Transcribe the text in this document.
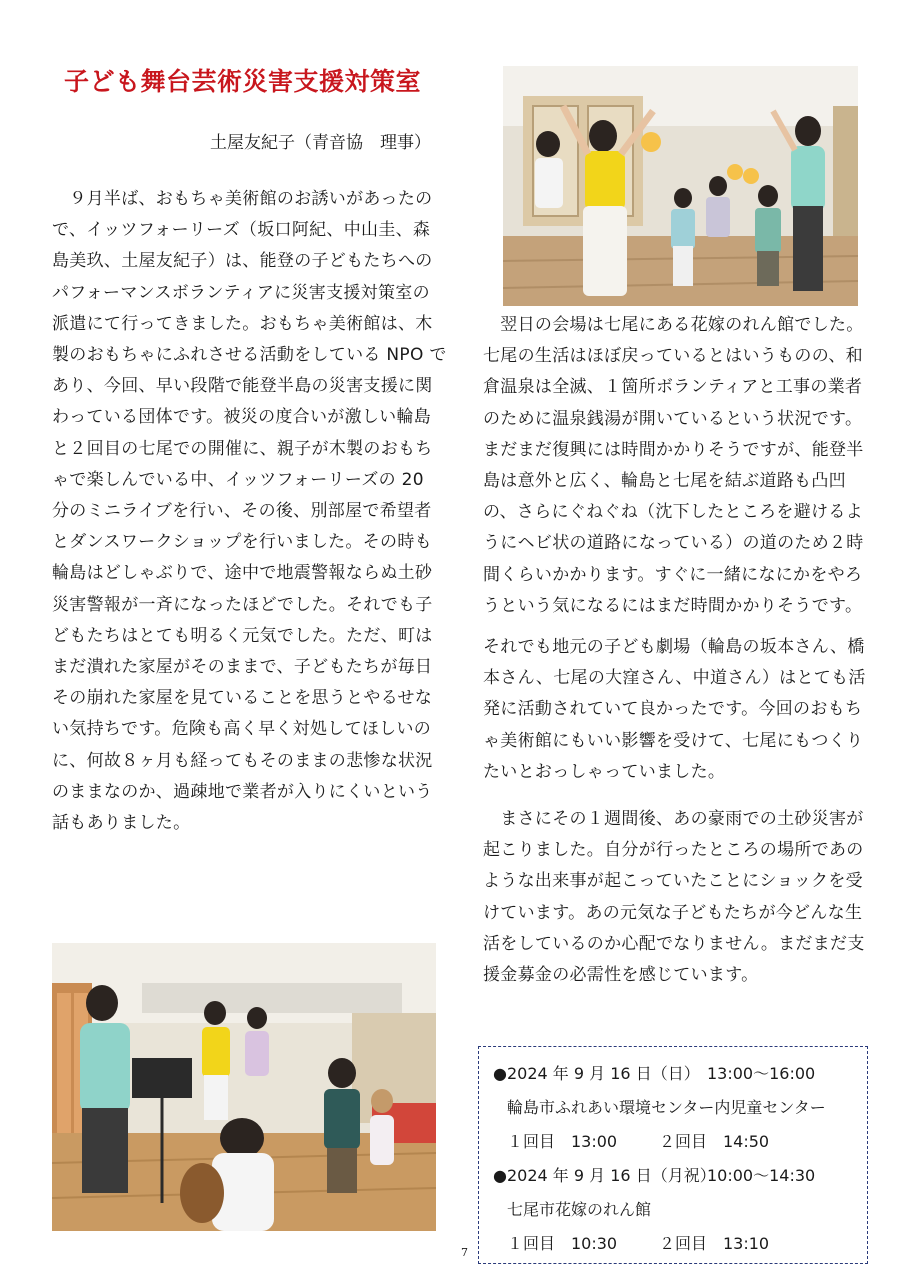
子ども舞台芸術災害支援対策室
土屋友紀子（青音協　理事）

　９月半ば、おもちゃ美術館のお誘いがあったの
で、イッツフォーリーズ（坂口阿紀、中山圭、森
島美玖、土屋友紀子）は、能登の子どもたちへの
パフォーマンスボランティアに災害支援対策室の
派遣にて行ってきました。おもちゃ美術館は、木
製のおもちゃにふれさせる活動をしている NPO で
あり、今回、早い段階で能登半島の災害支援に関
わっている団体です。被災の度合いが激しい輪島
と２回目の七尾での開催に、親子が木製のおもち
ゃで楽しんでいる中、イッツフォーリーズの 20
分のミニライブを行い、その後、別部屋で希望者
とダンスワークショップを行いました。その時も
輪島はどしゃぶりで、途中で地震警報ならぬ土砂
災害警報が一斉になったほどでした。それでも子
どもたちはとても明るく元気でした。ただ、町は
まだ潰れた家屋がそのままで、子どもたちが毎日
その崩れた家屋を見ていることを思うとやるせな
い気持ちです。危険も高く早く対処してほしいの
に、何故８ヶ月も経ってもそのままの悲惨な状況
のままなのか、過疎地で業者が入りにくいという
話もありました。

　翌日の会場は七尾にある花嫁のれん館でした。
七尾の生活はほぼ戻っているとはいうものの、和
倉温泉は全滅、１箇所ボランティアと工事の業者
のために温泉銭湯が開いているという状況です。
まだまだ復興には時間かかりそうですが、能登半
島は意外と広く、輪島と七尾を結ぶ道路も凸凹
の、さらにぐねぐね（沈下したところを避けるよ
うにヘビ状の道路になっている）の道のため２時
間くらいかかります。すぐに一緒になにかをやろ
うという気になるにはまだ時間かかりそうです。

それでも地元の子ども劇場（輪島の坂本さん、橋
本さん、七尾の大窪さん、中道さん）はとても活
発に活動されていて良かったです。今回のおもち
ゃ美術館にもいい影響を受けて、七尾にもつくり
たいとおっしゃっていました。

　まさにその１週間後、あの豪雨での土砂災害が
起こりました。自分が行ったところの場所であの
ような出来事が起こっていたことにショックを受
けています。あの元気な子どもたちが今どんな生
活をしているのか心配でなりません。まだまだ支
援金募金の必需性を感じています。

●2024 年 9 月 16 日（日） 13:00～16:00
輪島市ふれあい環境センター内児童センター
１回目　13:00	２回目　14:50
●2024 年 9 月 16 日（月祝）10:00～14:30
七尾市花嫁のれん館
１回目　10:30	２回目　13:10
7
